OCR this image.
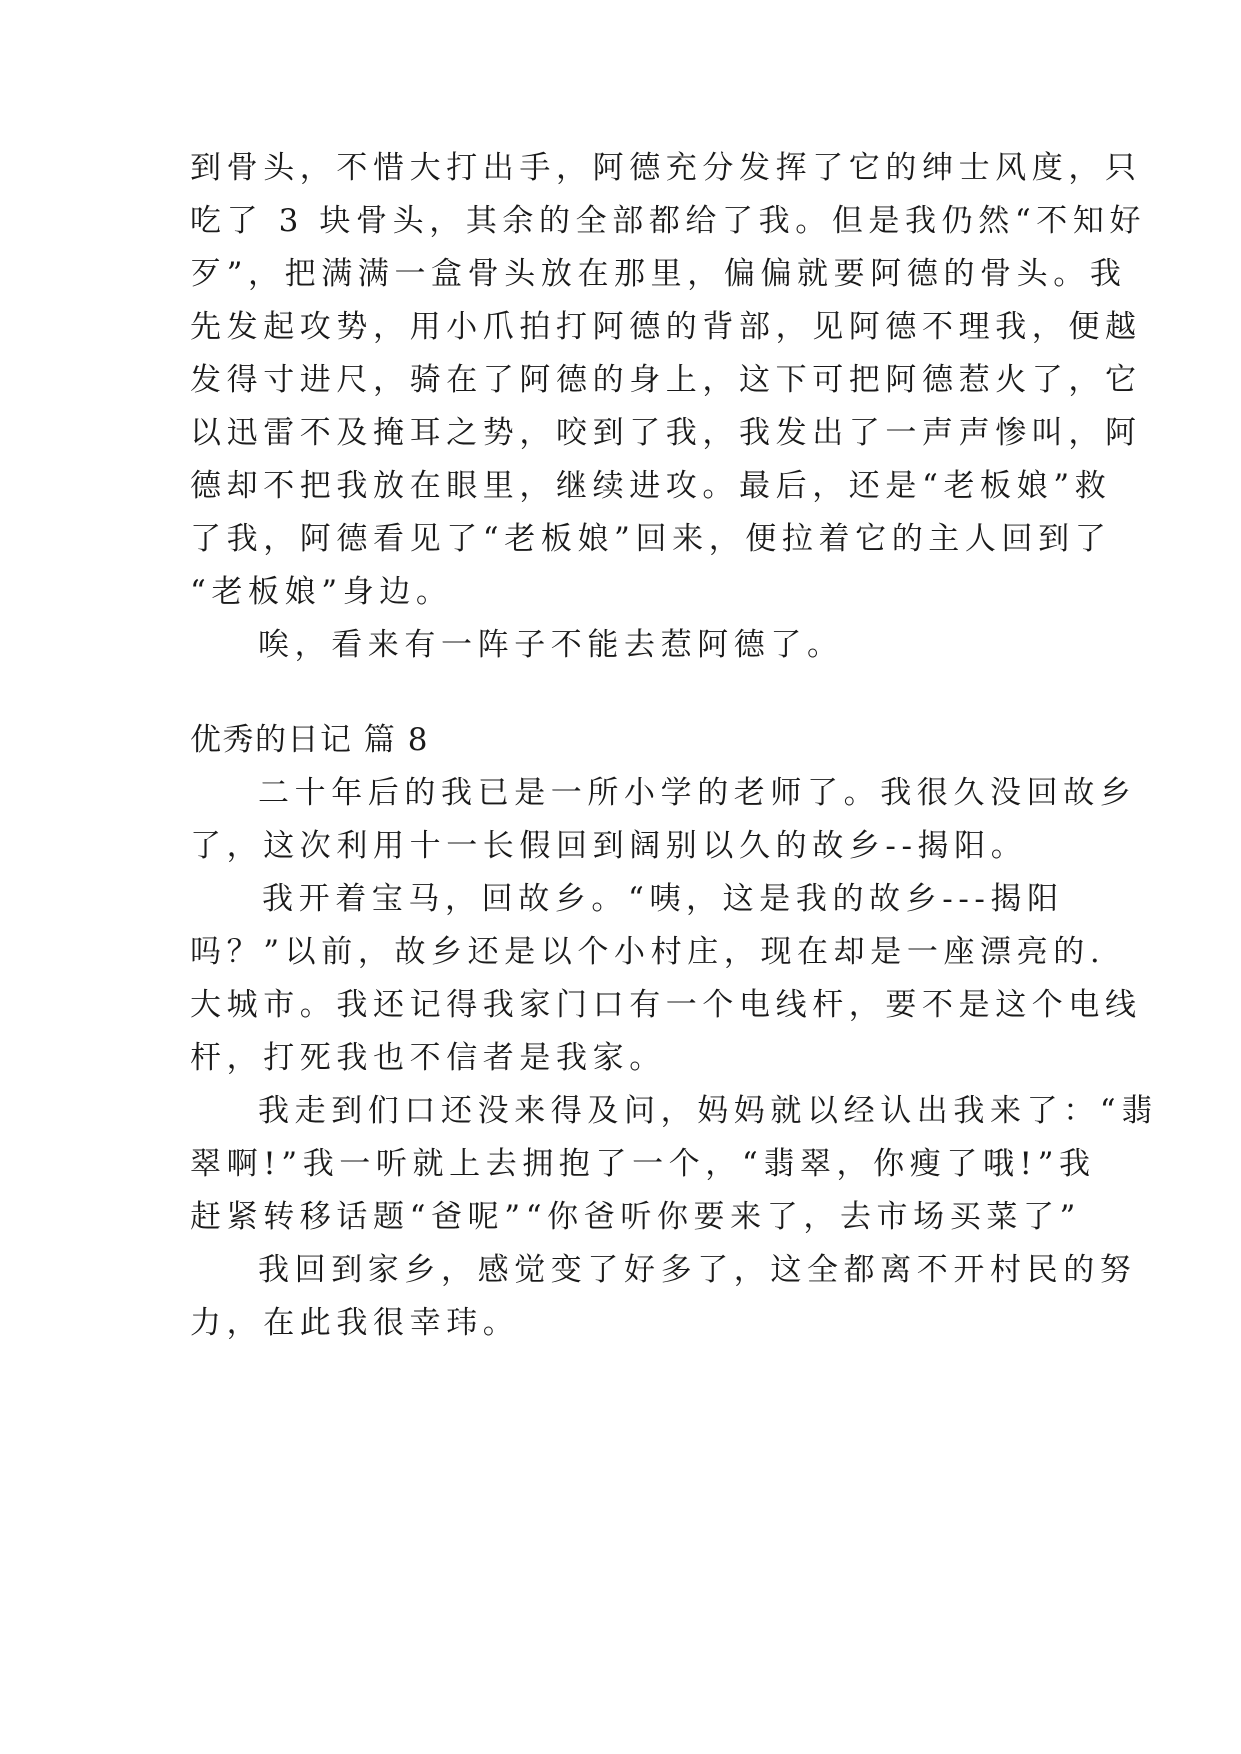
到骨头，不惜大打出手，阿德充分发挥了它的绅士风度，只
吃了 3 块骨头，其余的全部都给了我。但是我仍然“不知好
歹”，把满满一盒骨头放在那里，偏偏就要阿德的骨头。我
先发起攻势，用小爪拍打阿德的背部，见阿德不理我，便越
发得寸进尺，骑在了阿德的身上，这下可把阿德惹火了，它
以迅雷不及掩耳之势，咬到了我，我发出了一声声惨叫，阿
德却不把我放在眼里，继续进攻。最后，还是“老板娘”救
了我，阿德看见了“老板娘”回来，便拉着它的主人回到了
“老板娘”身边。
唉，看来有一阵子不能去惹阿德了。
优秀的日记 篇 8
二十年后的我已是一所小学的老师了。我很久没回故乡
了，这次利用十一长假回到阔别以久的故乡--揭阳。
我开着宝马，回故乡。“咦，这是我的故乡---揭阳
吗？”以前，故乡还是以个小村庄，现在却是一座漂亮的.
大城市。我还记得我家门口有一个电线杆，要不是这个电线
杆，打死我也不信者是我家。
我走到们口还没来得及问，妈妈就以经认出我来了：“翡
翠啊!”我一听就上去拥抱了一个，“翡翠，你瘦了哦!”我
赶紧转移话题“爸呢”“你爸听你要来了，去市场买菜了”
我回到家乡，感觉变了好多了，这全都离不开村民的努
力，在此我很幸玮。
